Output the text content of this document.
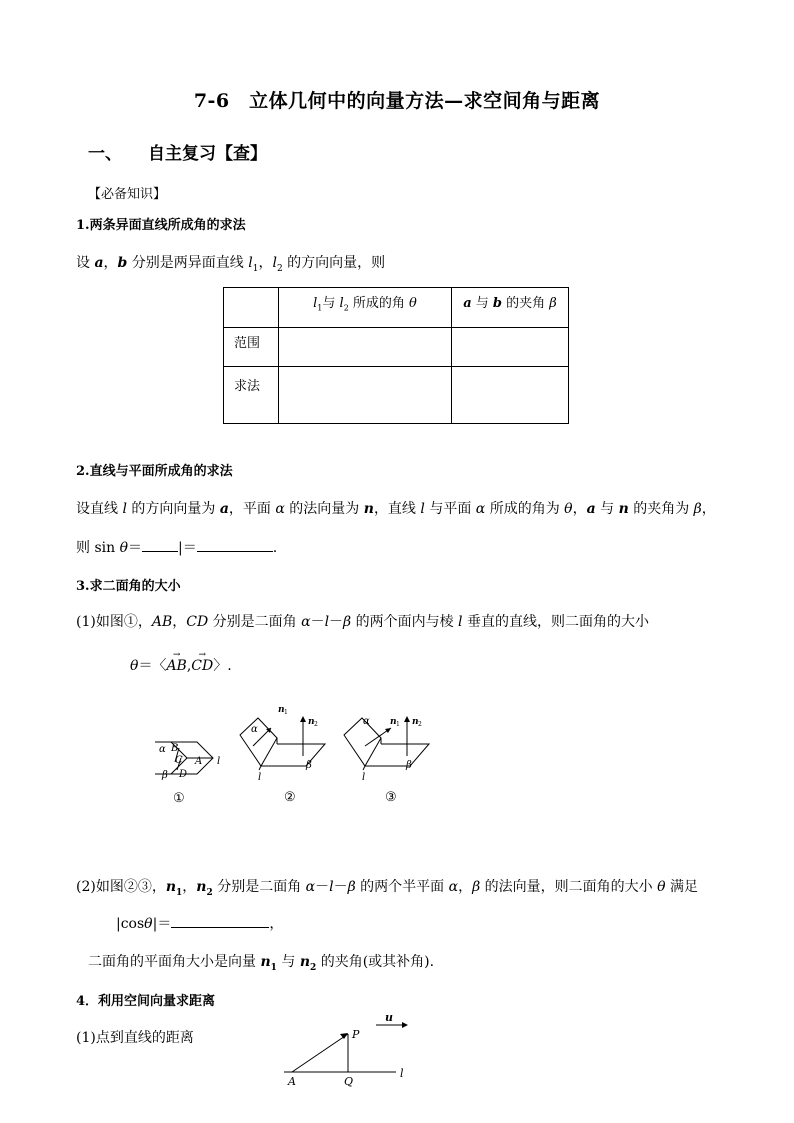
7-6　立体几何中的向量方法—求空间角与距离
一、 自主复习【查】
【必备知识】
1.两条异面直线所成角的求法
设 a，b 分别是两异面直线 $l_1$，$l_2$ 的方向向量，则

	$l_1$与 $l_2$ 所成的角 θ	a 与 b 的夹角 β

范围		

求法		

2.直线与平面所成角的求法
设直线 l 的方向向量为 a，平面 α 的法向量为 n，直线 l 与平面 α 所成的角为 θ，a 与 n 的夹角为 β，
则 sin θ＝	|＝	.
3.求二面角的大小
(1)如图①，AB，CD 分别是二面角 α－l－β 的两个面内与棱 l 垂直的直线，则二面角的大小
θ＝〈
→
AB,
→
CD〉.
α B
C A
β D
l
①
n 1
n 2
α
β
l
②
n 1 n 2
α
β
l
③
(2)如图②③，$n_1$，$n_2$ 分别是二面角 α－l－β 的两个半平面 α，β 的法向量，则二面角的大小 θ 满足
|cosθ|＝	，
二面角的平面角大小是向量 $n_1$ 与 $n_2$ 的夹角(或其补角).
4．利用空间向量求距离
(1)点到直线的距离
u
P
A	Q
l
